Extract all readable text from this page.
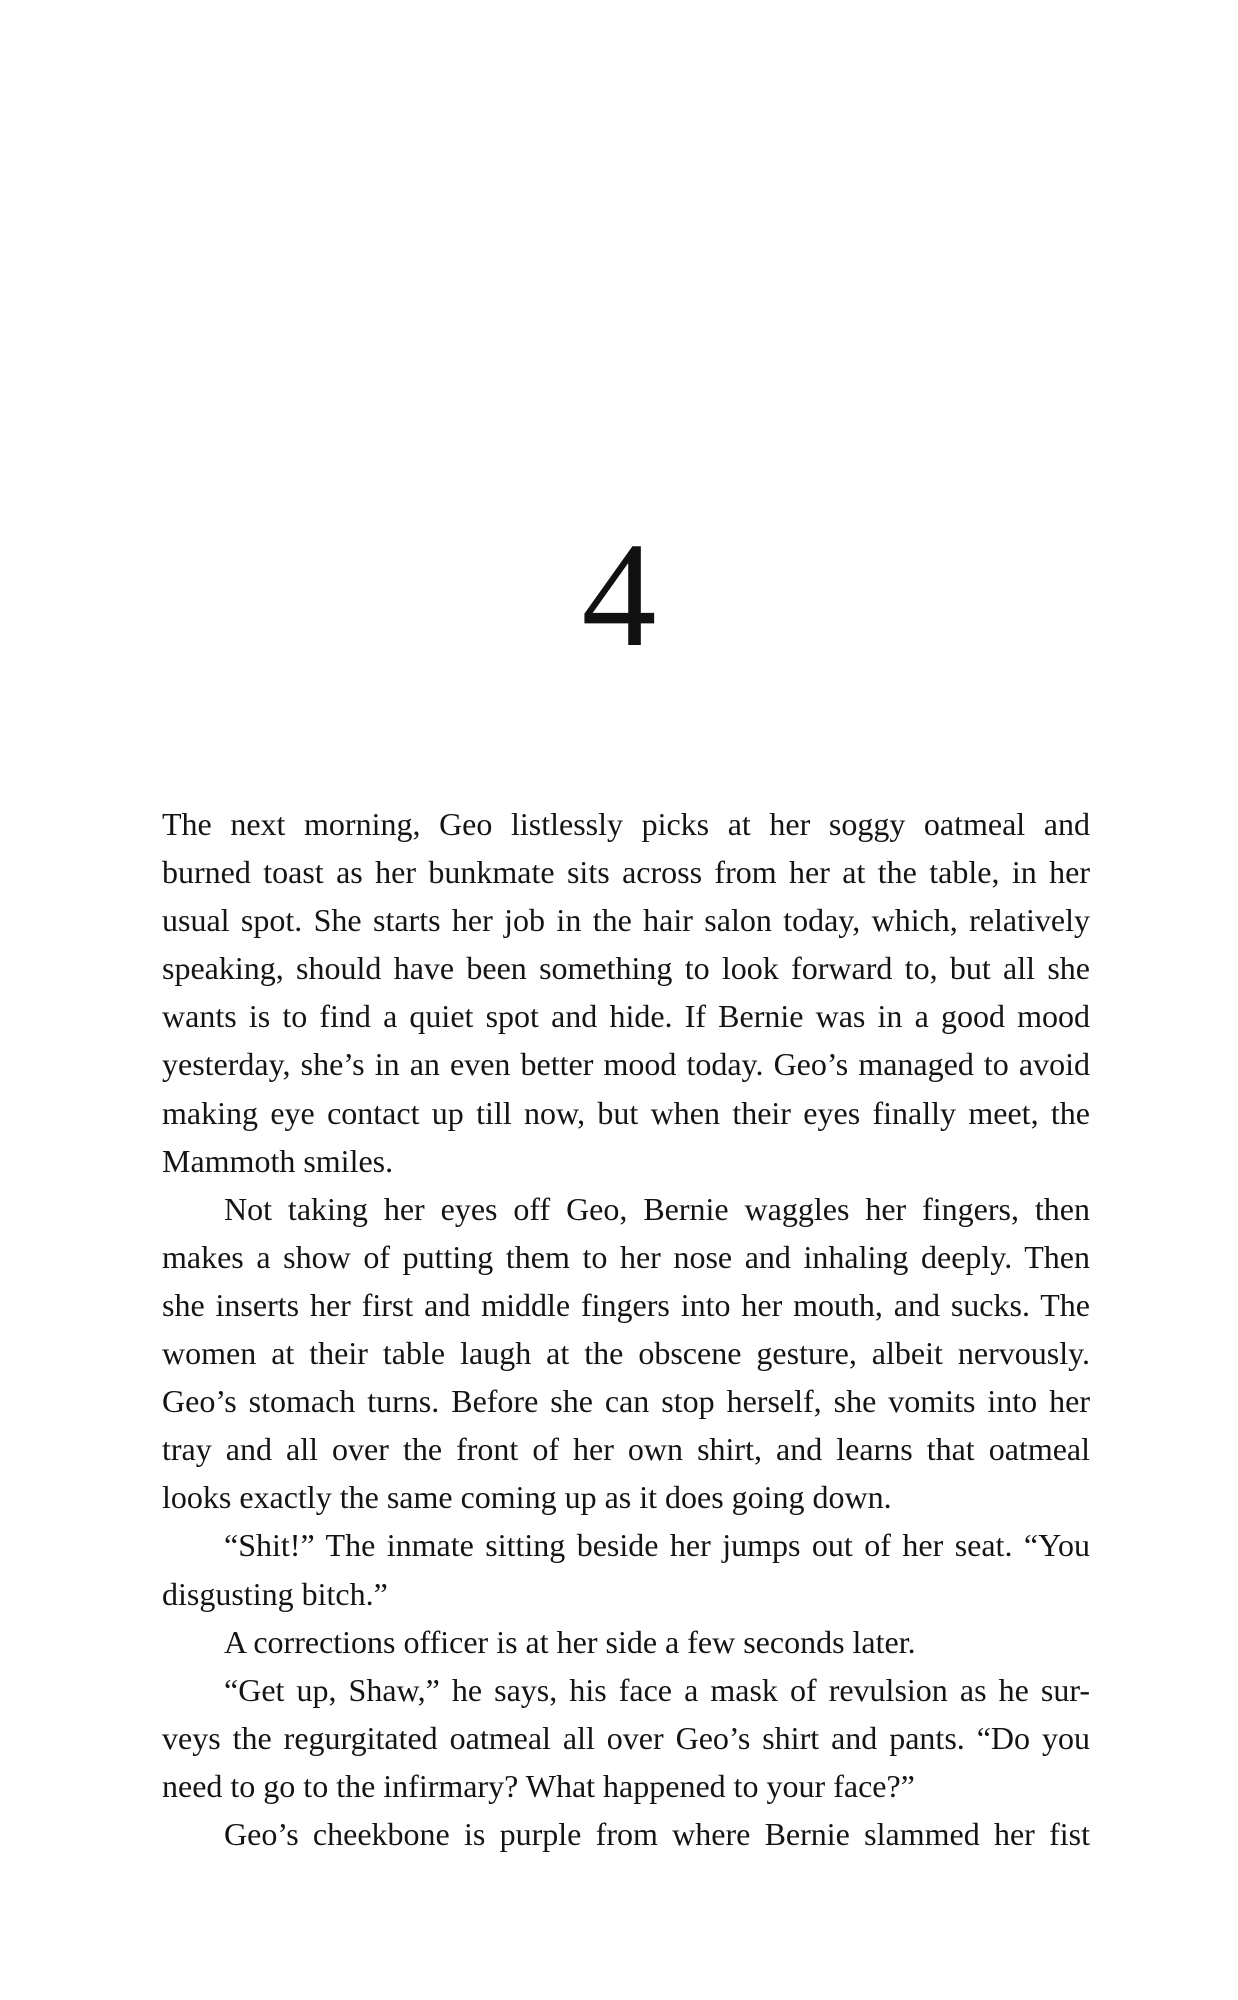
4
The next morning, Geo listlessly picks at her soggy oatmeal and
burned toast as her bunkmate sits across from her at the table, in her
usual spot. She starts her job in the hair salon today, which, relatively
speaking, should have been something to look forward to, but all she
wants is to find a quiet spot and hide. If Bernie was in a good mood
yesterday, she’s in an even better mood today. Geo’s managed to avoid
making eye contact up till now, but when their eyes finally meet, the
Mammoth smiles.
Not taking her eyes off Geo, Bernie waggles her fingers, then
makes a show of putting them to her nose and inhaling deeply. Then
she inserts her first and middle fingers into her mouth, and sucks. The
women at their table laugh at the obscene gesture, albeit nervously.
Geo’s stomach turns. Before she can stop herself, she vomits into her
tray and all over the front of her own shirt, and learns that oatmeal
looks exactly the same coming up as it does going down.
“Shit!” The inmate sitting beside her jumps out of her seat. “You
disgusting bitch.”
A corrections officer is at her side a few seconds later.
“Get up, Shaw,” he says, his face a mask of revulsion as he sur-
veys the regurgitated oatmeal all over Geo’s shirt and pants. “Do you
need to go to the infirmary? What happened to your face?”
Geo’s cheekbone is purple from where Bernie slammed her fist
